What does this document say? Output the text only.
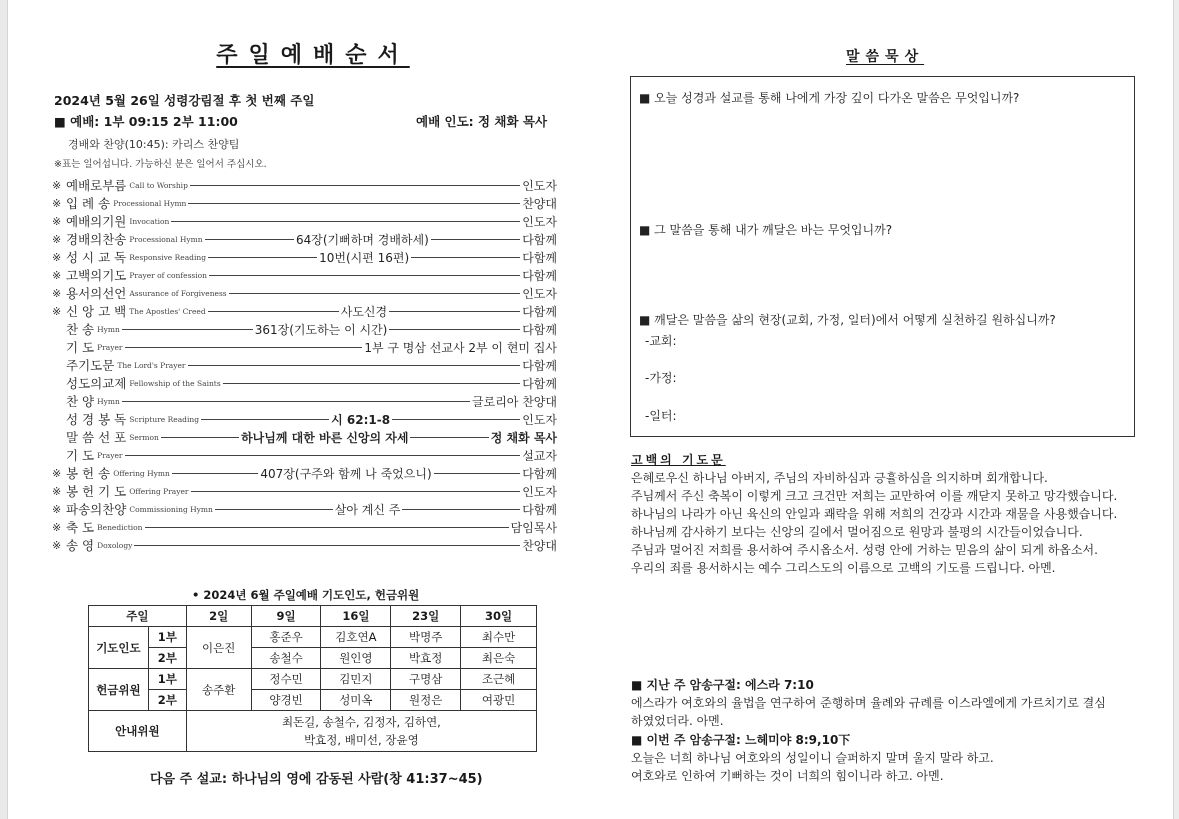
주일예배순서
2024년 5월 26일 성령강림절 후 첫 번째 주일
■ 예배: 1부 09:15 2부 11:00	예배 인도: 정 채화 목사
경배와 찬양(10:45): 카리스 찬양팀
※표는 일어섭니다. 가능하신 분은 일어서 주십시오.
※ 예배로부름 Call to Worship	인도자
※ 입 례 송 Processional Hymn	찬양대
※ 예배의기원 Invocation	인도자
※ 경배의찬송 Processional Hymn	64장(기뻐하며 경배하세)	다함께
※ 성 시 교 독 Responsive Reading	10번(시편 16편)	다함께
※ 고백의기도 Prayer of confession	다함께
※ 용서의선언 Assurance of Forgiveness	인도자
※ 신 앙 고 백 The Apostles' Creed	사도신경	다함께
찬 송 Hymn	361장(기도하는 이 시간)	다함께
기 도 Prayer	1부 구 명삼 선교사 2부 이 현미 집사
주기도문 The Lord's Prayer	다함께
성도의교제 Fellowship of the Saints	다함께
찬 양 Hymn	글로리아 찬양대
성 경 봉 독 Scripture Reading	시 62:1-8	인도자
말 씀 선 포 Sermon	하나님께 대한 바른 신앙의 자세	정 채화 목사
기 도 Prayer	설교자
※ 봉 헌 송 Offering Hymn	407장(구주와 함께 나 죽었으니)	다함께
※ 봉 헌 기 도 Offering Prayer	인도자
※ 파송의찬양 Commissioning Hymn	살아 계신 주	다함께
※ 축 도 Benediction	담임목사
※ 송 영 Doxology	찬양대
• 2024년 6월 주일예배 기도인도, 헌금위원
주일		2일	9일	16일	23일	30일
기도인도	1부	이은진	홍준우	김호연A	박명주	최수만
	2부		송철수	원인영	박효정	최은숙
헌금위원	1부	송주환	정수민	김민지	구명삼	조근혜
	2부		양경빈	성미옥	원정은	여광민
안내위원		최돈길, 송철수, 김정자, 김하연,
박효정, 배미선, 장윤영				
다음 주 설교: 하나님의 영에 감동된 사람(창 41:37~45)
말씀묵상
■ 오늘 성경과 설교를 통해 나에게 가장 깊이 다가온 말씀은 무엇입니까?
■ 그 말씀을 통해 내가 깨달은 바는 무엇입니까?
■ 깨달은 말씀을 삶의 현장(교회, 가정, 일터)에서 어떻게 실천하길 원하십니까?
-교회:
-가정:
-일터:
고백의 기도문
은혜로우신 하나님 아버지, 주님의 자비하심과 긍휼하심을 의지하며 회개합니다.
주님께서 주신 축복이 이렇게 크고 크건만 저희는 교만하여 이를 깨닫지 못하고 망각했습니다.
하나님의 나라가 아닌 육신의 안일과 쾌락을 위해 저희의 건강과 시간과 재물을 사용했습니다.
하나님께 감사하기 보다는 신앙의 길에서 멀어짐으로 원망과 불평의 시간들이었습니다.
주님과 멀어진 저희를 용서하여 주시옵소서. 성령 안에 거하는 믿음의 삶이 되게 하옵소서.
우리의 죄를 용서하시는 예수 그리스도의 이름으로 고백의 기도를 드립니다. 아멘.
■ 지난 주 암송구절: 에스라 7:10
에스라가 여호와의 율법을 연구하여 준행하며 율례와 규례를 이스라엘에게 가르치기로 결심
하였었더라. 아멘.
■ 이번 주 암송구절: 느헤미야 8:9,10下
오늘은 너희 하나님 여호와의 성일이니 슬퍼하지 말며 울지 말라 하고.
여호와로 인하여 기뻐하는 것이 너희의 힘이니라 하고. 아멘.
